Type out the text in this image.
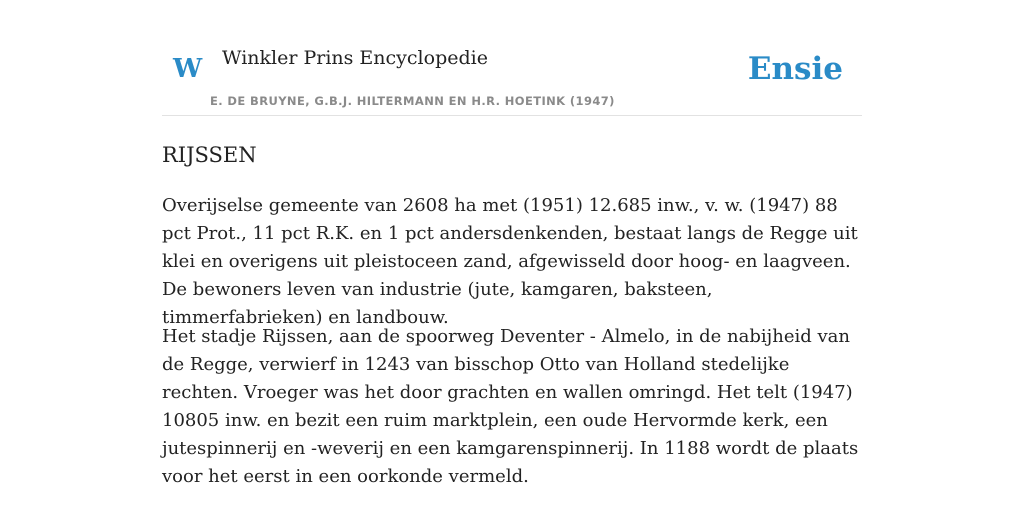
W Winkler Prins Encyclopedie
E. DE BRUYNE, G.B.J. HILTERMANN EN H.R. HOETINK (1947)
Ensie
RIJSSEN

Overijselse gemeente van 2608 ha met (1951) 12.685 inw., v. w. (1947) 88 pct Prot., 11 pct R.K. en 1 pct andersdenkenden, bestaat langs de Regge uit klei en overigens uit pleistoceen zand, afgewisseld door hoog- en laagveen. De bewoners leven van industrie (jute, kamgaren, baksteen, timmerfabrieken) en landbouw.

Het stadje Rijssen, aan de spoorweg Deventer - Almelo, in de nabijheid van de Regge, verwierf in 1243 van bisschop Otto van Holland stedelijke rechten. Vroeger was het door grachten en wallen omringd. Het telt (1947) 10805 inw. en bezit een ruim marktplein, een oude Hervormde kerk, een jutespinnerij en -weverij en een kamgarenspinnerij. In 1188 wordt de plaats voor het eerst in een oorkonde vermeld.
